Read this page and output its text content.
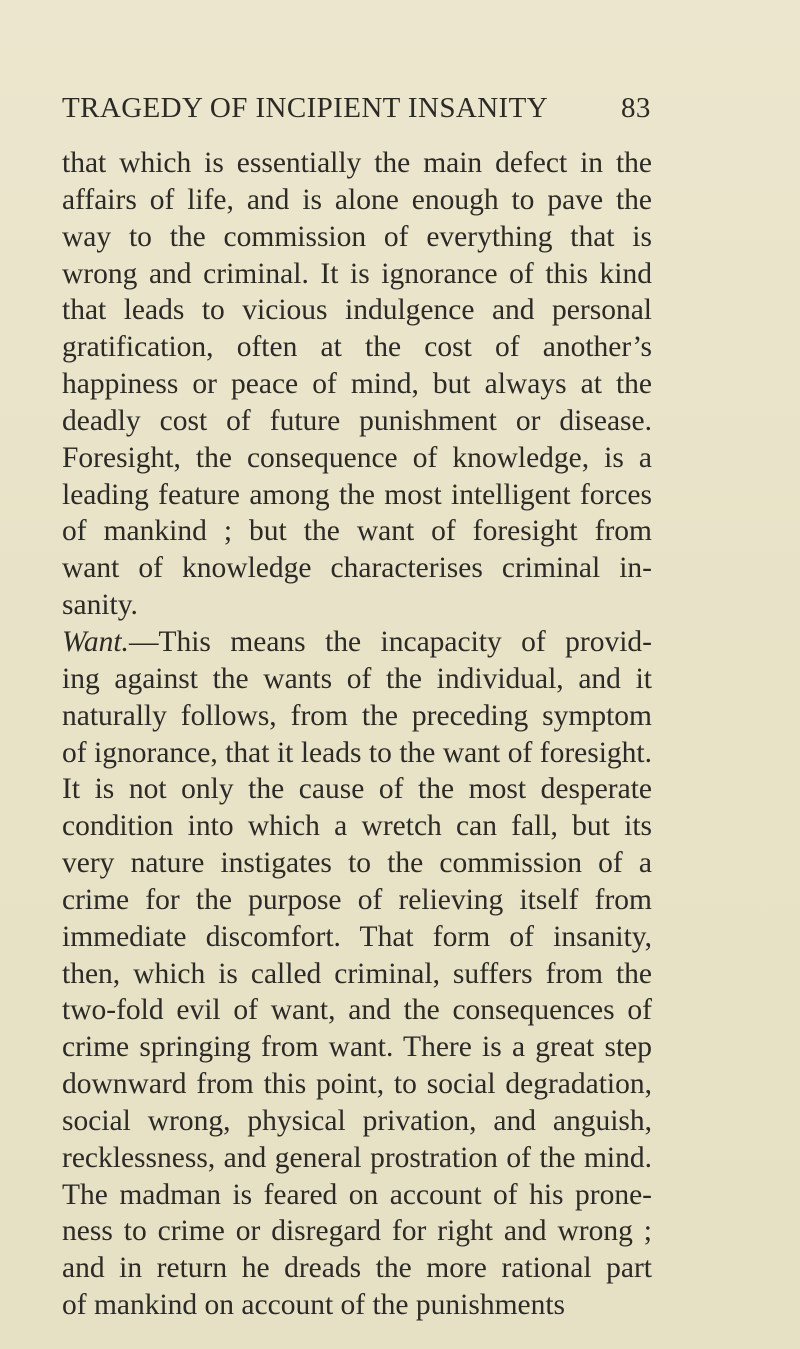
TRAGEDY OF INCIPIENT INSANITY	83
that which is essentially the main defect in the
affairs of life, and is alone enough to pave the
way to the commission of everything that is
wrong and criminal. It is ignorance of this kind
that leads to vicious indulgence and personal
gratification, often at the cost of another’s
happiness or peace of mind, but always at the
deadly cost of future punishment or disease.
Foresight, the consequence of knowledge, is a
leading feature among the most intelligent forces
of mankind ; but the want of foresight from
want of knowledge characterises criminal in-
sanity.
Want.—This means the incapacity of provid-
ing against the wants of the individual, and it
naturally follows, from the preceding symptom
of ignorance, that it leads to the want of foresight.
It is not only the cause of the most desperate
condition into which a wretch can fall, but its
very nature instigates to the commission of a
crime for the purpose of relieving itself from
immediate discomfort. That form of insanity,
then, which is called criminal, suffers from the
two-fold evil of want, and the consequences of
crime springing from want. There is a great step
downward from this point, to social degradation,
social wrong, physical privation, and anguish,
recklessness, and general prostration of the mind.
The madman is feared on account of his prone-
ness to crime or disregard for right and wrong ;
and in return he dreads the more rational part
of mankind on account of the punishments
